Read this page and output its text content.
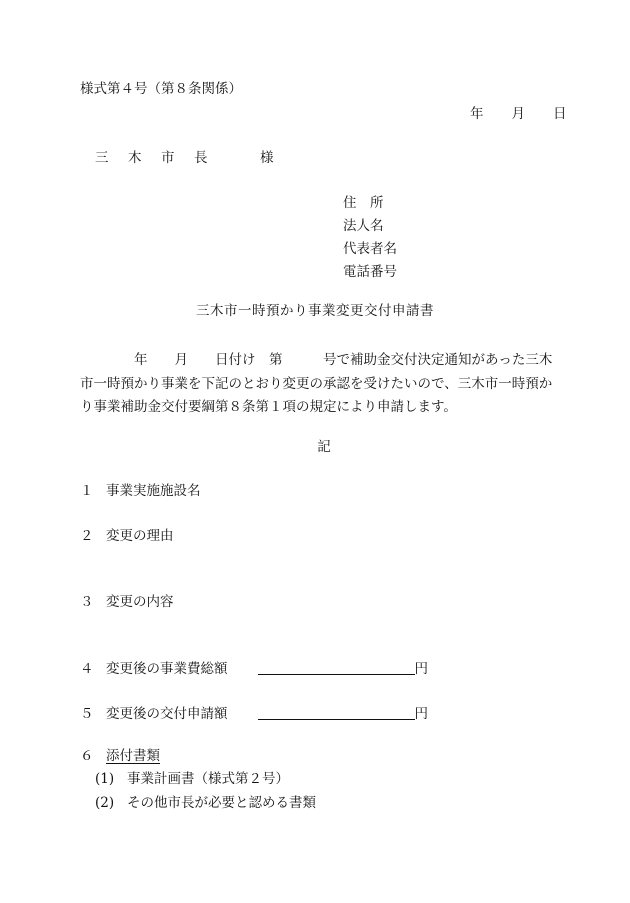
様式第４号（第８条関係）
年 月 日
三　木　市　長　　　様
住　所
法人名
代表者名
電話番号
三木市一時預かり事業変更交付申請書

　　　　年　　月　　日付け　第　　　号で補助金交付決定通知があった三木

市一時預かり事業を下記のとおり変更の承認を受けたいので、三木市一時預か

り事業補助金交付要綱第８条第１項の規定により申請します。

記
１ 事業実施施設名
２ 変更の理由
３ 変更の内容
４ 変更後の事業費総額	円
５ 変更後の交付申請額	円
６ 添付書類
(1) 事業計画書（様式第２号）
(2) その他市長が必要と認める書類
